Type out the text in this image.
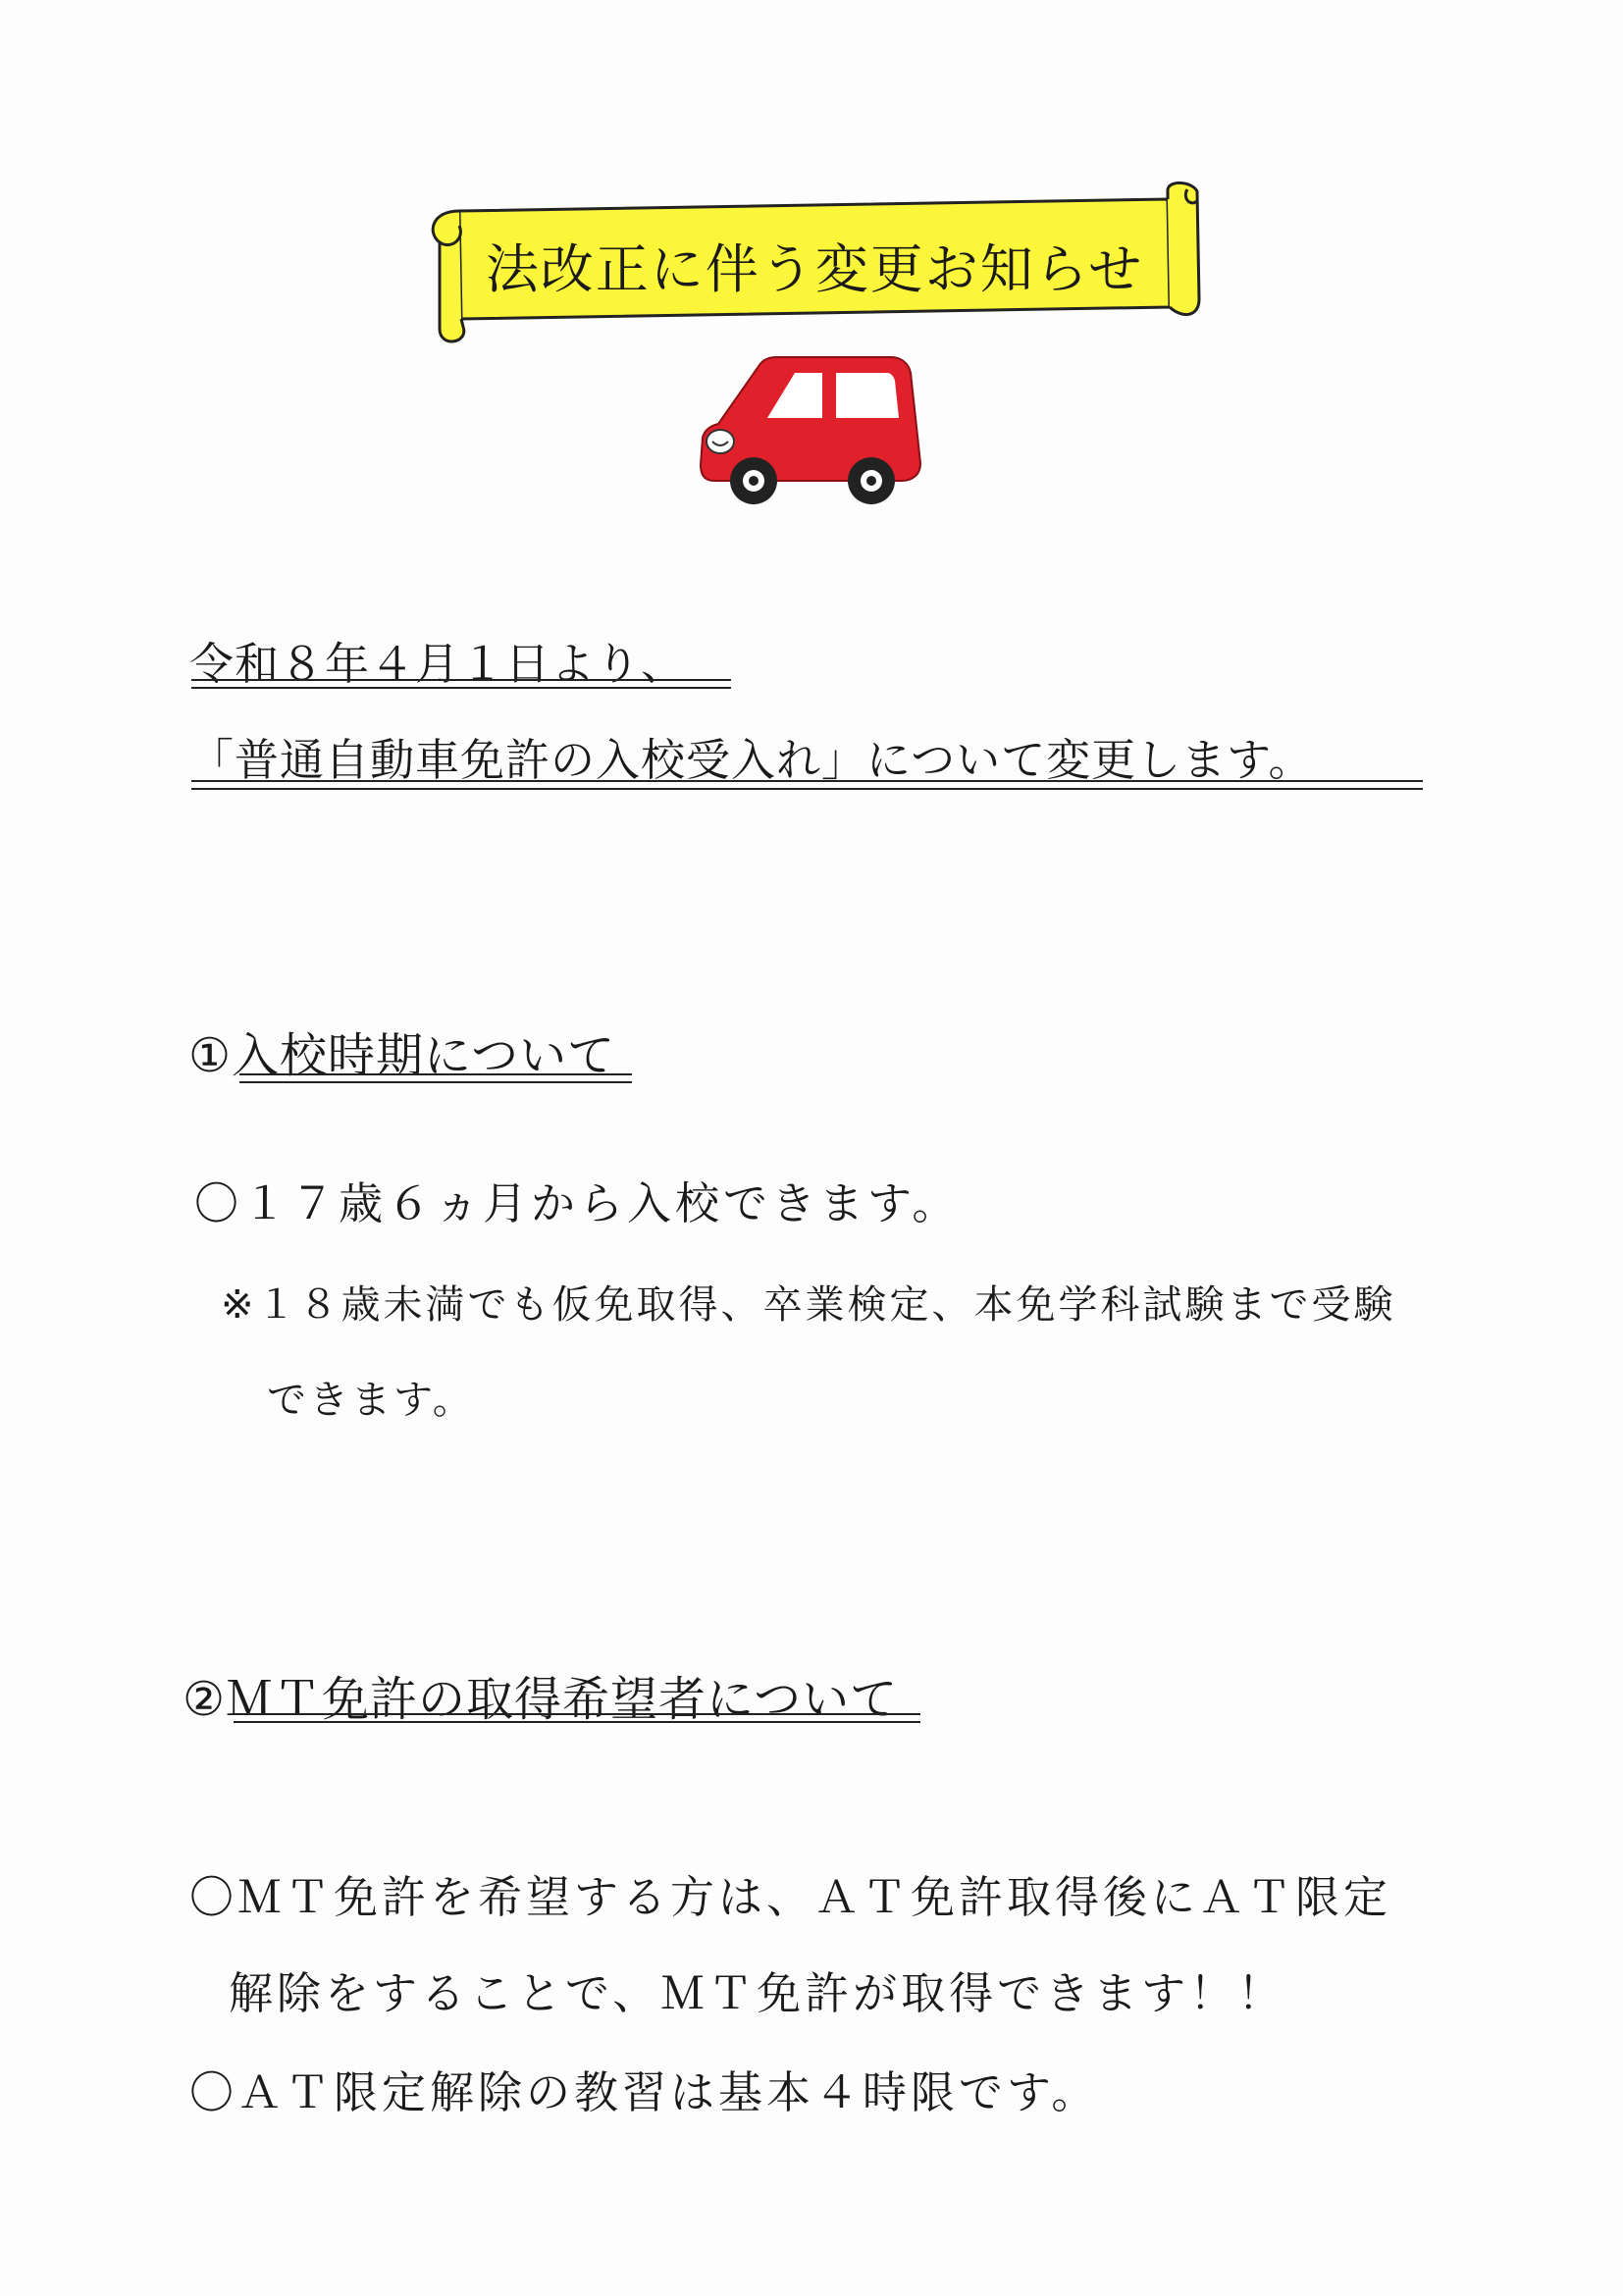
法改正に伴う変更お知らせ
令和８年４月１日より、
「普通自動車免許の入校受入れ」について変更します。
①入校時期について
〇１７歳６ヵ月から入校できます。
※１８歳未満でも仮免取得、卒業検定、本免学科試験まで受験
できます。
②ＭＴ免許の取得希望者について
〇ＭＴ免許を希望する方は、ＡＴ免許取得後にＡＴ限定
解除をすることで、ＭＴ免許が取得できます！！
〇ＡＴ限定解除の教習は基本４時限です。
